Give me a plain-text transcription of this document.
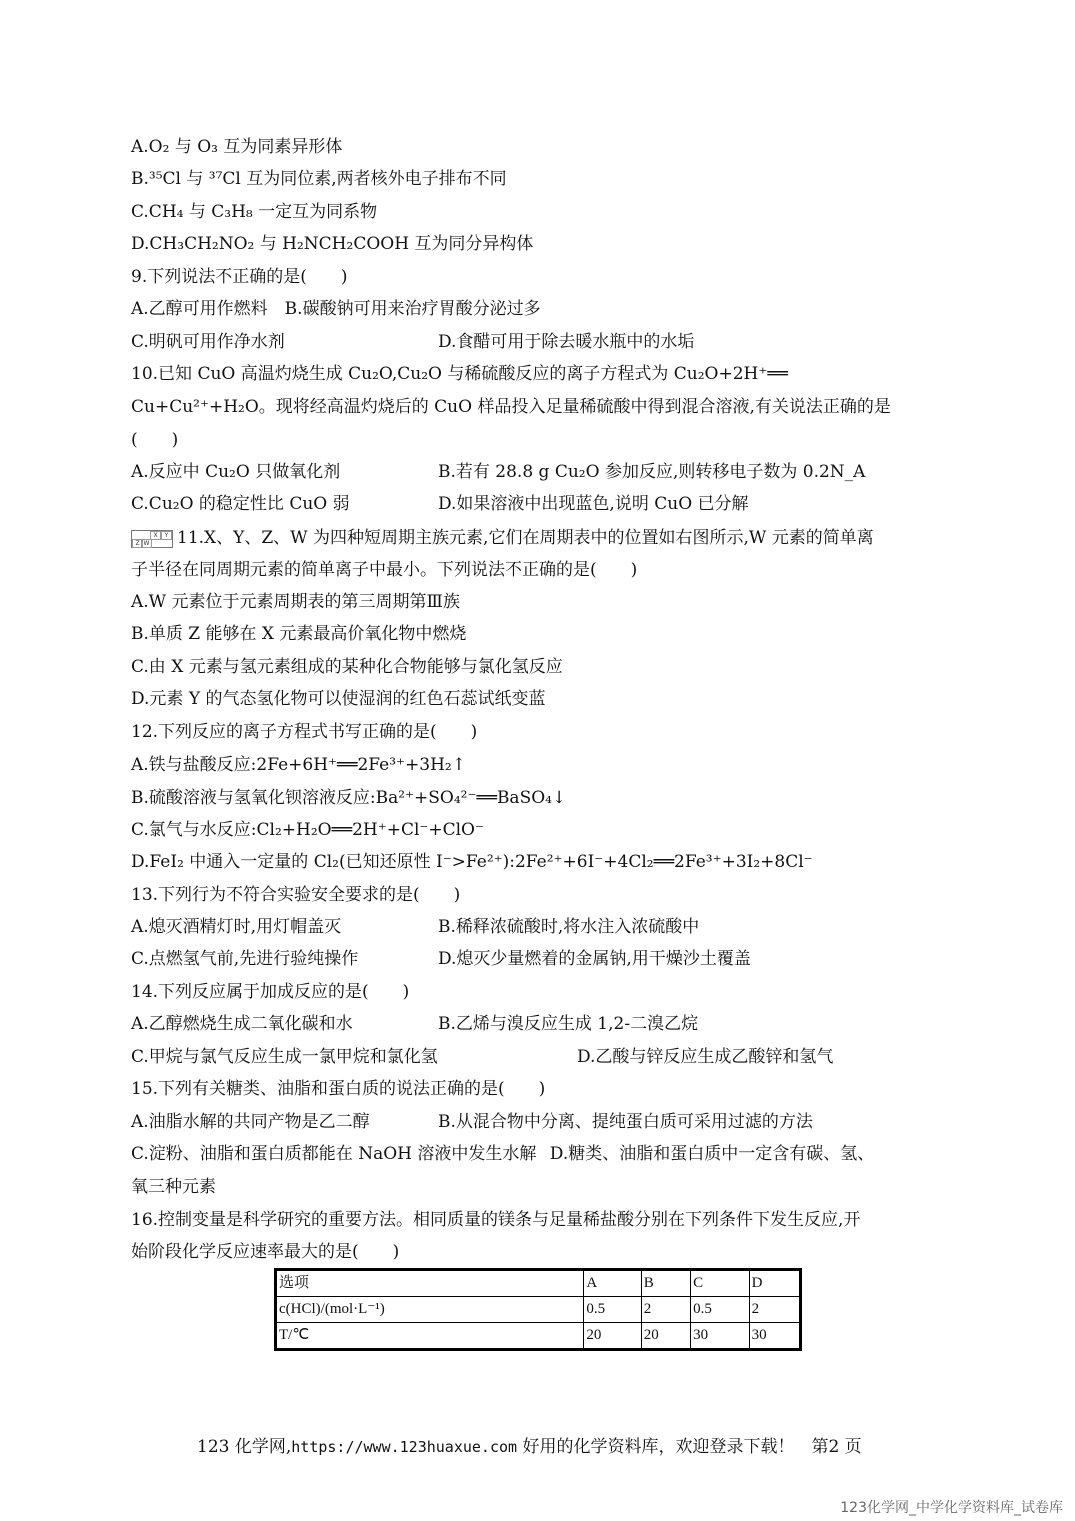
A.O₂ 与 O₃ 互为同素异形体
B.³⁵Cl 与 ³⁷Cl 互为同位素,两者核外电子排布不同
C.CH₄ 与 C₃H₈ 一定互为同系物
D.CH₃CH₂NO₂ 与 H₂NCH₂COOH 互为同分异构体
9.下列说法不正确的是(　　)
A.乙醇可用作燃料　B.碳酸钠可用来治疗胃酸分泌过多
C.明矾可用作净水剂	D.食醋可用于除去暖水瓶中的水垢
10.已知 CuO 高温灼烧生成 Cu₂O,Cu₂O 与稀硫酸反应的离子方程式为 Cu₂O+2H⁺══
Cu+Cu²⁺+H₂O。现将经高温灼烧后的 CuO 样品投入足量稀硫酸中得到混合溶液,有关说法正确的是
(　　)
A.反应中 Cu₂O 只做氧化剂	B.若有 28.8 g Cu₂O 参加反应,则转移电子数为 0.2N_A
C.Cu₂O 的稳定性比 CuO 弱	D.如果溶液中出现蓝色,说明 CuO 已分解
X	Y
Z W 11.X、Y、Z、W 为四种短周期主族元素,它们在周期表中的位置如右图所示,W 元素的简单离
子半径在同周期元素的简单离子中最小。下列说法不正确的是(　　)
A.W 元素位于元素周期表的第三周期第Ⅲ族
B.单质 Z 能够在 X 元素最高价氧化物中燃烧
C.由 X 元素与氢元素组成的某种化合物能够与氯化氢反应
D.元素 Y 的气态氢化物可以使湿润的红色石蕊试纸变蓝
12.下列反应的离子方程式书写正确的是(　　)
A.铁与盐酸反应:2Fe+6H⁺══2Fe³⁺+3H₂↑
B.硫酸溶液与氢氧化钡溶液反应:Ba²⁺+SO₄²⁻══BaSO₄↓
C.氯气与水反应:Cl₂+H₂O══2H⁺+Cl⁻+ClO⁻
D.FeI₂ 中通入一定量的 Cl₂(已知还原性 I⁻>Fe²⁺):2Fe²⁺+6I⁻+4Cl₂══2Fe³⁺+3I₂+8Cl⁻
13.下列行为不符合实验安全要求的是(　　)
A.熄灭酒精灯时,用灯帽盖灭	B.稀释浓硫酸时,将水注入浓硫酸中
C.点燃氢气前,先进行验纯操作	D.熄灭少量燃着的金属钠,用干燥沙土覆盖
14.下列反应属于加成反应的是(　　)
A.乙醇燃烧生成二氧化碳和水	B.乙烯与溴反应生成 1,2-二溴乙烷
C.甲烷与氯气反应生成一氯甲烷和氯化氢	D.乙酸与锌反应生成乙酸锌和氢气
15.下列有关糖类、油脂和蛋白质的说法正确的是(　　)
A.油脂水解的共同产物是乙二醇	B.从混合物中分离、提纯蛋白质可采用过滤的方法
C.淀粉、油脂和蛋白质都能在 NaOH 溶液中发生水解 D.糖类、油脂和蛋白质中一定含有碳、氢、
氧三种元素
16.控制变量是科学研究的重要方法。相同质量的镁条与足量稀盐酸分别在下列条件下发生反应,开
始阶段化学反应速率最大的是(　　)
选项	A	B	C	D
c(HCl)/(mol·L⁻¹)	0.5	2	0.5	2
T/℃	20	20	30	30
123 化学网,https://www.123huaxue.com 好用的化学资料库，欢迎登录下载！　第2 页
123化学网_中学化学资料库_试卷库
